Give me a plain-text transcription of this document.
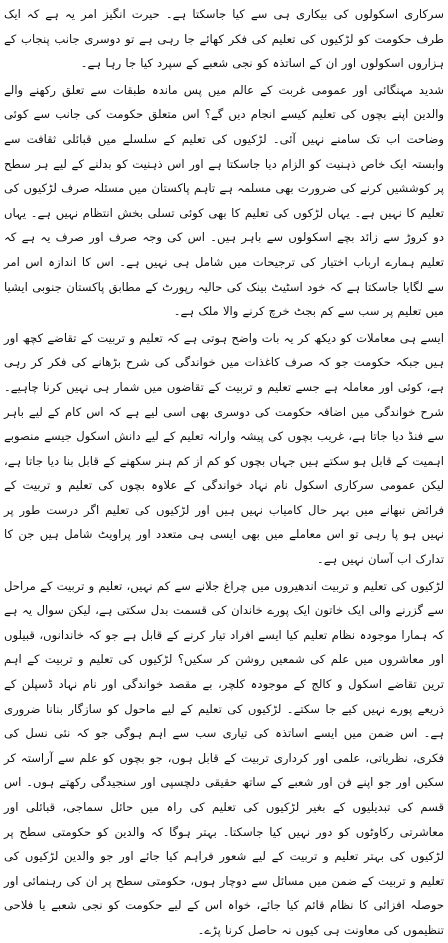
سرکاری اسکولوں کی بیکاری ہی سے کیا جاسکتا ہے۔ حیرت انگیز امر یہ ہے کہ ایک طرف حکومت کو لڑکیوں کی تعلیم کی فکر کھائے جا رہی ہے تو دوسری جانب پنجاب کے ہزاروں اسکولوں اور ان کے اساتذہ کو نجی شعبے کے سپرد کیا جا رہا ہے۔

شدید مہنگائی اور عمومی غربت کے عالم میں پس ماندہ طبقات سے تعلق رکھنے والے والدین اپنے بچوں کی تعلیم کیسے انجام دیں گے؟ اس متعلق حکومت کی جانب سے کوئی وضاحت اب تک سامنے نہیں آئی۔ لڑکیوں کی تعلیم کے سلسلے میں قبائلی ثقافت سے وابستہ ایک خاص ذہنیت کو الزام دیا جاسکتا ہے اور اس ذہنیت کو بدلنے کے لیے ہر سطح پر کوششیں کرنے کی ضرورت بھی مسلمہ ہے تاہم پاکستان میں مسئلہ صرف لڑکیوں کی تعلیم کا نہیں ہے۔ یہاں لڑکوں کی تعلیم کا بھی کوئی تسلی بخش انتظام نہیں ہے۔ یہاں دو کروڑ سے زائد بچے اسکولوں سے باہر ہیں۔ اس کی وجہ صرف اور صرف یہ ہے کہ تعلیم ہمارے ارباب اختیار کی ترجیحات میں شامل ہی نہیں ہے۔ اس کا اندازہ اس امر سے لگایا جاسکتا ہے کہ خود اسٹیٹ بینک کی حالیہ رپورٹ کے مطابق پاکستان جنوبی ایشیا میں تعلیم پر سب سے کم بجٹ خرچ کرنے والا ملک ہے۔

ایسے ہی معاملات کو دیکھ کر یہ بات واضح ہوتی ہے کہ تعلیم و تربیت کے تقاضے کچھ اور ہیں جبکہ حکومت جو کہ صرف کاغذات میں خواندگی کی شرح بڑھانے کی فکر کر رہی ہے، کوئی اور معاملہ ہے جسے تعلیم و تربیت کے تقاضوں میں شمار ہی نہیں کرنا چاہیے۔ شرح خواندگی میں اضافہ حکومت کی دوسری بھی اسی لیے ہے کہ اس کام کے لیے باہر سے فنڈ دیا جاتا ہے، غریب بچوں کی پیشہ وارانہ تعلیم کے لیے دانش اسکول جیسے منصوبے اہمیت کے قابل ہو سکتے ہیں جہاں بچوں کو کم از کم ہنر سکھنے کے قابل بنا دیا جاتا ہے، لیکن عمومی سرکاری اسکول نام نہاد خواندگی کے علاوہ بچوں کی تعلیم و تربیت کے فرائض نبھانے میں بہر حال کامیاب نہیں ہیں اور لڑکیوں کی تعلیم اگر درست طور پر نہیں ہو پا رہی تو اس معاملے میں بھی ایسی ہی متعدد اور پراویٹ شامل ہیں جن کا تدارک اب آسان نہیں ہے۔

لڑکیوں کی تعلیم و تربیت اندھیروں میں چراغ جلانے سے کم نہیں، تعلیم و تربیت کے مراحل سے گزرنے والی ایک خاتون ایک پورے خاندان کی قسمت بدل سکتی ہے، لیکن سوال یہ ہے کہ ہمارا موجودہ نظام تعلیم کیا ایسے افراد تیار کرنے کے قابل ہے جو کہ خاندانوں، قبیلوں اور معاشروں میں علم کی شمعیں روشن کر سکیں؟ لڑکیوں کی تعلیم و تربیت کے اہم ترین تقاضے اسکول و کالج کے موجودہ کلچر، بے مقصد خواندگی اور نام نہاد ڈسپلن کے ذریعے پورے نہیں کیے جا سکتے۔ لڑکیوں کی تعلیم کے لیے ماحول کو سازگار بنانا ضروری ہے۔ اس ضمن میں ایسے اساتذہ کی تیاری سب سے اہم ہوگی جو کہ نئی نسل کی فکری، نظریاتی، علمی اور کرداری تربیت کے قابل ہوں، جو بچوں کو علم سے آراستہ کر سکیں اور جو اپنے فن اور شعبے کے ساتھ حقیقی دلچسپی اور سنجیدگی رکھتے ہوں۔ اس قسم کی تبدیلیوں کے بغیر لڑکیوں کی تعلیم کی راہ میں حائل سماجی، قبائلی اور معاشرتی رکاوٹوں کو دور نہیں کیا جاسکتا۔ بہتر ہوگا کہ والدین کو حکومتی سطح پر لڑکیوں کی بہتر تعلیم و تربیت کے لیے شعور فراہم کیا جائے اور جو والدین لڑکیوں کی تعلیم و تربیت کے ضمن میں مسائل سے دوچار ہوں، حکومتی سطح پر ان کی رہنمائی اور حوصلہ افزائی کا نظام قائم کیا جائے، خواہ اس کے لیے حکومت کو نجی شعبے یا فلاحی تنظیموں کی معاونت ہی کیوں نہ حاصل کرنا پڑے۔
